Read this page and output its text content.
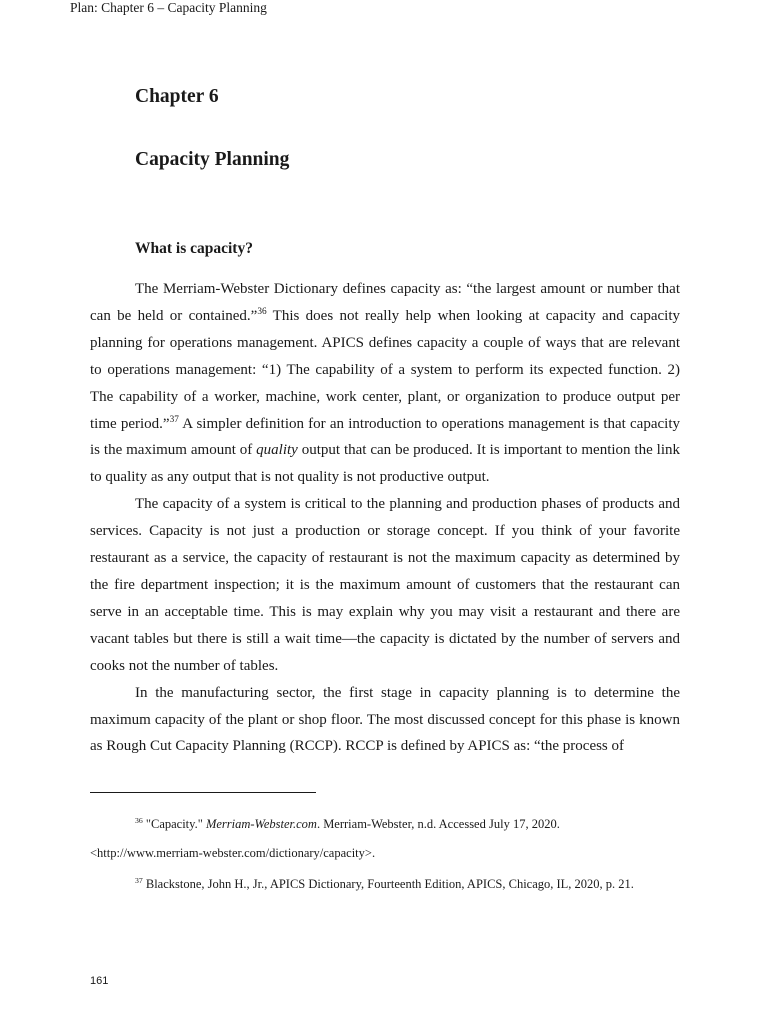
Plan: Chapter 6 – Capacity Planning
Chapter 6
Capacity Planning
What is capacity?

The Merriam-Webster Dictionary defines capacity as: “the largest amount or number that can be held or contained.”$^{36}$ This does not really help when looking at capacity and capacity planning for operations management. APICS defines capacity a couple of ways that are relevant to operations management: “1) The capability of a system to perform its expected function. 2) The capability of a worker, machine, work center, plant, or organization to produce output per time period.”$^{37}$ A simpler definition for an introduction to operations management is that capacity is the maximum amount of quality output that can be produced. It is important to mention the link to quality as any output that is not quality is not productive output.

The capacity of a system is critical to the planning and production phases of products and services. Capacity is not just a production or storage concept. If you think of your favorite restaurant as a service, the capacity of restaurant is not the maximum capacity as determined by the fire department inspection; it is the maximum amount of customers that the restaurant can serve in an acceptable time. This is may explain why you may visit a restaurant and there are vacant tables but there is still a wait time—the capacity is dictated by the number of servers and cooks not the number of tables.

In the manufacturing sector, the first stage in capacity planning is to determine the maximum capacity of the plant or shop floor. The most discussed concept for this phase is known as Rough Cut Capacity Planning (RCCP). RCCP is defined by APICS as: “the process of

$^{36}$ "Capacity." Merriam-Webster.com. Merriam-Webster, n.d. Accessed July 17, 2020.

<http://www.merriam-webster.com/dictionary/capacity>.

$^{37}$ Blackstone, John H., Jr., APICS Dictionary, Fourteenth Edition, APICS, Chicago, IL, 2020, p. 21.

161
